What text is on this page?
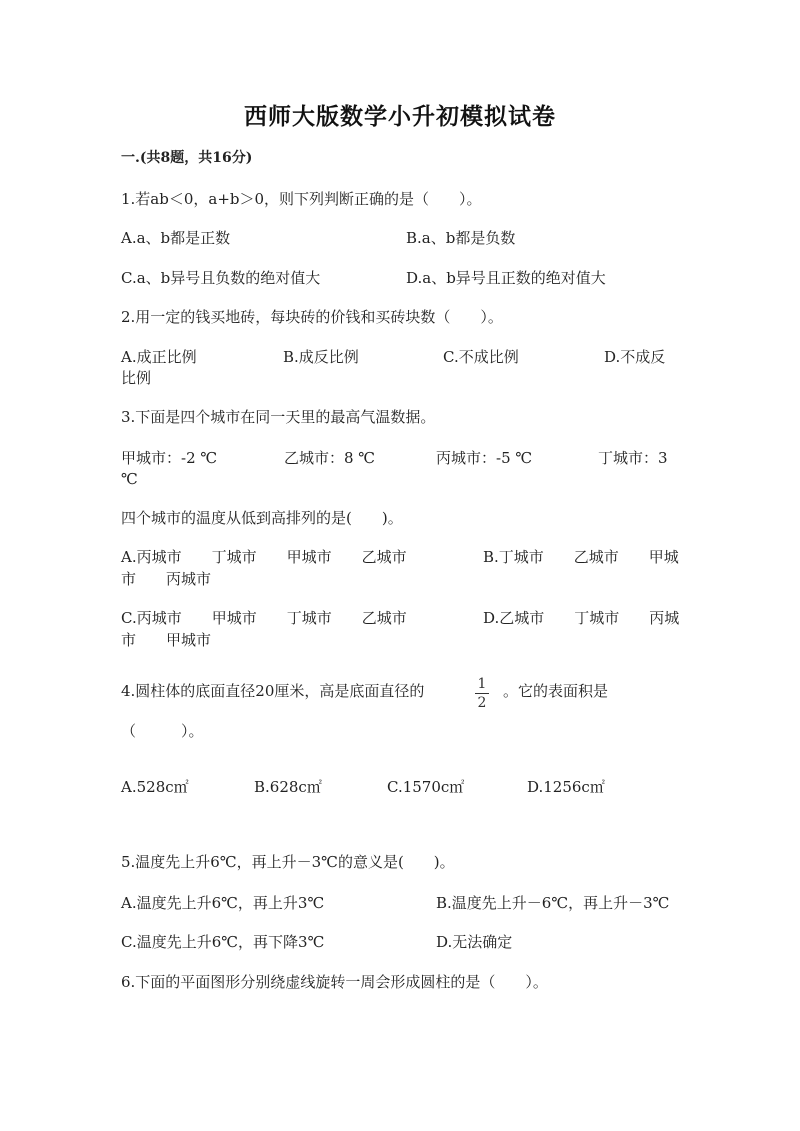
西师大版数学小升初模拟试卷
一.(共8题，共16分)
1.若ab＜0，a+b＞0，则下列判断正确的是（　　）。
A.a、b都是正数	B.a、b都是负数
C.a、b异号且负数的绝对值大	D.a、b异号且正数的绝对值大
2.用一定的钱买地砖，每块砖的价钱和买砖块数（　　）。
A.成正比例	B.成反比例	C.不成比例	D.不成反
比例
3.下面是四个城市在同一天里的最高气温数据。
甲城市：-2 ℃	乙城市：8 ℃	丙城市：-5 ℃	丁城市：3
℃
四个城市的温度从低到高排列的是(　　)。
A.丙城市　　丁城市　　甲城市　　乙城市	B.丁城市　　乙城市　　甲城
市　　丙城市
C.丙城市　　甲城市　　丁城市　　乙城市	D.乙城市　　丁城市　　丙城
市　　甲城市
4.圆柱体的底面直径20厘米，高是底面直径的	1
2
。它的表面积是
（　　　）。
A.528c㎡	B.628c㎡	C.1570c㎡	D.1256c㎡
5.温度先上升6℃，再上升－3℃的意义是(　　)。
A.温度先上升6℃，再上升3℃	B.温度先上升－6℃，再上升－3℃
C.温度先上升6℃，再下降3℃	D.无法确定
6.下面的平面图形分别绕虚线旋转一周会形成圆柱的是（　　）。
